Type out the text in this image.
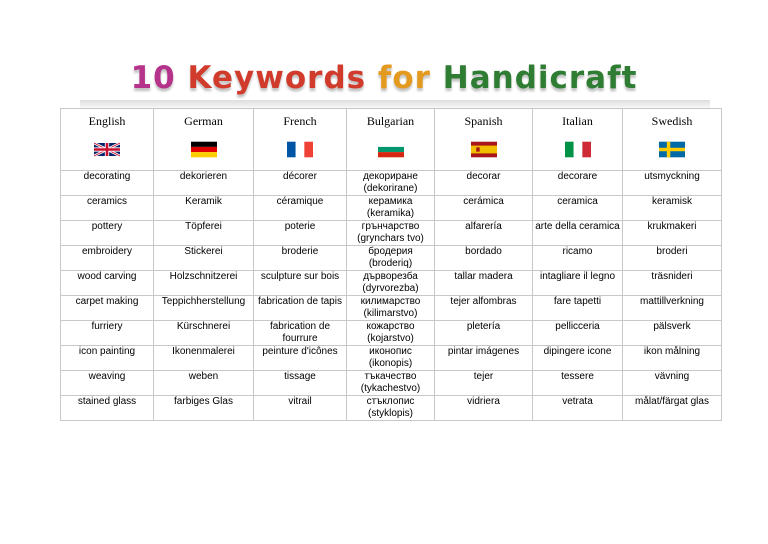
10 Keywords for Handicraft
English	German	French	Bulgarian	Spanish	Italian	Swedish

decorating	dekorieren	décorer	декориране (dekorirane)	decorar	decorare	utsmyckning
ceramics	Keramik	céramique	керамика (keramika)	cerámica	ceramica	keramisk
pottery	Töpferei	poterie	грънчарство (grynchars tvo)	alfarería	arte della ceramica	krukmakeri
embroidery	Stickerei	broderie	бродерия (broderiq)	bordado	ricamo	broderi
wood carving	Holzschnitzerei	sculpture sur bois	дърворезба (dyrvorezba)	tallar madera	intagliare il legno	träsnideri
carpet making	Teppichherstellung	fabrication de tapis	килимарство (kilimarstvo)	tejer alfombras	fare tapetti	mattillverkning
furriery	Kürschnerei	fabrication de fourrure	кожарство (kojarstvo)	pletería	pellicceria	pälsverk
icon painting	Ikonenmalerei	peinture d'icônes	иконопис (ikonopis)	pintar imágenes	dipingere icone	ikon målning
weaving	weben	tissage	тъкачество (tykachestvo)	tejer	tessere	vävning
stained glass	farbiges Glas	vitrail	стъклопис (styklopis)	vidriera	vetrata	målat/färgat glas
